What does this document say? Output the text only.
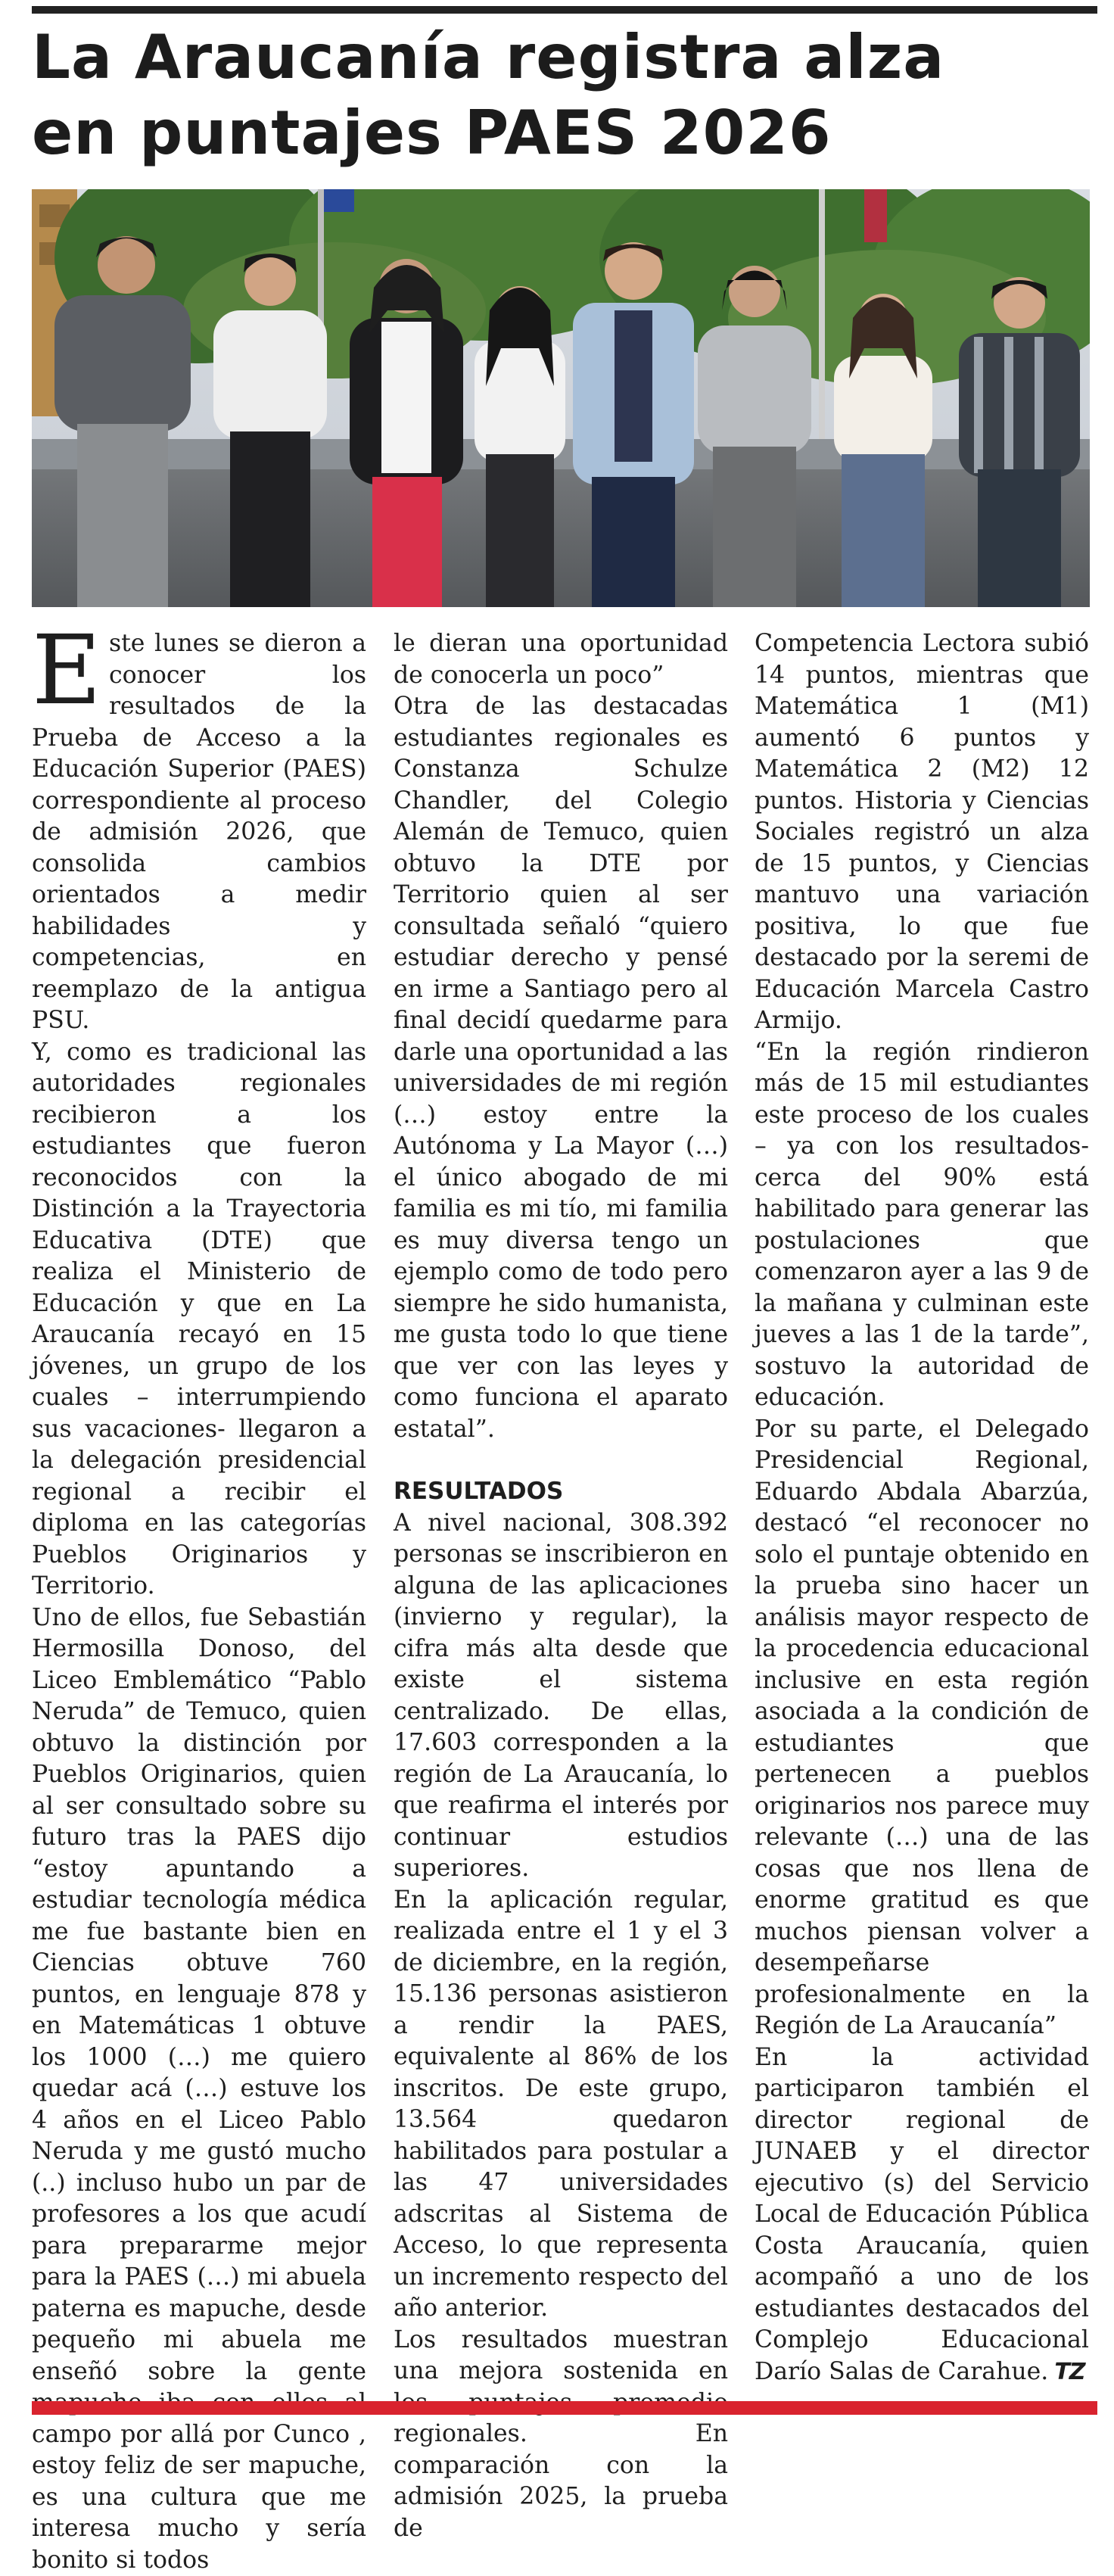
La Araucanía registra alza
en puntajes PAES 2026

Este lunes se dieron a conocer los resultados de la Prueba de Acceso a la Educación Superior (PAES) correspondiente al proceso de admisión 2026, que consolida cambios orientados a medir habilidades y competencias, en reemplazo de la antigua PSU.

Y, como es tradicional las autoridades regionales recibieron a los estudiantes que fueron reconocidos con la Distinción a la Trayectoria Educativa (DTE) que realiza el Ministerio de Educación y que en La Araucanía recayó en 15 jóvenes, un grupo de los cuales – interrumpiendo sus vacaciones- llegaron a la delegación presidencial regional a recibir el diploma en las categorías Pueblos Originarios y Territorio.

Uno de ellos, fue Sebastián Hermosilla Donoso, del Liceo Emblemático “Pablo Neruda” de Temuco, quien obtuvo la distinción por Pueblos Originarios, quien al ser consultado sobre su futuro tras la PAES dijo “estoy apuntando a estudiar tecnología médica me fue bastante bien en Ciencias obtuve 760 puntos, en lenguaje 878 y en Matemáticas 1 obtuve los 1000 (…) me quiero quedar acá (…) estuve los 4 años en el Liceo Pablo Neruda y me gustó mucho (..) incluso hubo un par de profesores a los que acudí para prepararme mejor para la PAES (…) mi abuela paterna es mapuche, desde pequeño mi abuela me enseñó sobre la gente campo por allá por Cunco , estoy feliz de ser mapuche, es una cultura que me interesa mucho y sería bonito si todos

le dieran una oportunidad de conocerla un poco”

Otra de las destacadas estudiantes regionales es Constanza Schulze Chandler, del Colegio Alemán de Temuco, quien obtuvo la DTE por Territorio quien al ser consultada señaló “quiero estudiar derecho y pensé en irme a Santiago pero al final decidí quedarme para darle una oportunidad a las universidades de mi región (…) estoy entre la Autónoma y La Mayor (…) el único abogado de mi familia es mi tío, mi familia es muy diversa tengo un ejemplo como de todo pero siempre he sido humanista, me gusta todo lo que tiene que ver con las leyes y como funciona el aparato estatal”.

RESULTADOS

A nivel nacional, 308.392 personas se inscribieron en alguna de las aplicaciones (invierno y regular), la cifra más alta desde que existe el sistema centralizado. De ellas, 17.603 corresponden a la región de La Araucanía, lo que reafirma el interés por continuar estudios superiores.

En la aplicación regular, realizada entre el 1 y el 3 de diciembre, en la región, 15.136 personas asistieron a rendir la PAES, equivalente al 86% de los inscritos. De este grupo, 13.564 quedaron habilitados para postular a las 47 universidades adscritas al Sistema de Acceso, lo que representa un incremento respecto del año anterior.

Los resultados muestran una mejora sostenida en regionales. En comparación con la admisión 2025, la prueba de

Competencia Lectora subió 14 puntos, mientras que Matemática 1 (M1) aumentó 6 puntos y Matemática 2 (M2) 12 puntos. Historia y Ciencias Sociales registró un alza de 15 puntos, y Ciencias mantuvo una variación positiva, lo que fue destacado por la seremi de Educación Marcela Castro Armijo.

“En la región rindieron más de 15 mil estudiantes este proceso de los cuales – ya con los resultados- cerca del 90% está habilitado para generar las postulaciones que comenzaron ayer a las 9 de la mañana y culminan este jueves a las 1 de la tarde”, sostuvo la autoridad de educación.

Por su parte, el Delegado Presidencial Regional, Eduardo Abdala Abarzúa, destacó “el reconocer no solo el puntaje obtenido en la prueba sino hacer un análisis mayor respecto de la procedencia educacional inclusive en esta región asociada a la condición de estudiantes que pertenecen a pueblos originarios nos parece muy relevante (…) una de las cosas que nos llena de enorme gratitud es que muchos piensan volver a desempeñarse profesionalmente en la Región de La Araucanía”

En la actividad participaron también el director regional de JUNAEB y el director ejecutivo (s) del Servicio Local de Educación Pública Costa Araucanía, quien acompañó a uno de los estudiantes destacados del Complejo Educacional Darío Salas de Carahue. TZ
